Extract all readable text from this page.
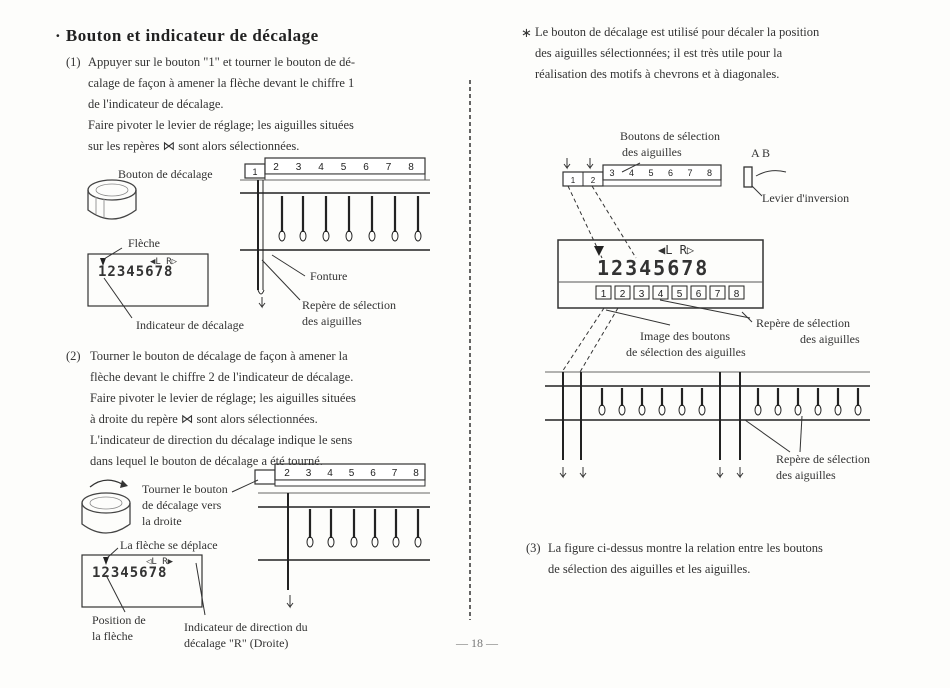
· Bouton et indicateur de décalage
(1) Appuyer sur le bouton "1" et tourner le bouton de dé-
calage de façon à amener la flèche devant le chiffre 1
de l'indicateur de décalage.
Faire pivoter le levier de réglage; les aiguilles situées
sur les repères ⋈ sont alors sélectionnées.
1 2 3 4 5 6 7 8
2 3 4 5 6 7 8
1 2
3 4 5 6 7 8
1 2 3 4 5 6 7 8
Bouton de décalage
Flèche
◀L R▷
12345678	Fonture
Repère de sélection
des aiguilles
Indicateur de décalage
(2) Tourner le bouton de décalage de façon à amener la
flèche devant le chiffre 2 de l'indicateur de décalage.
Faire pivoter le levier de réglage; les aiguilles situées
à droite du repère ⋈ sont alors sélectionnées.
L'indicateur de direction du décalage indique le sens
dans lequel le bouton de décalage a été tourné.
Tourner le bouton
de décalage vers
la droite
La flèche se déplace
◁L R▶
12345678
Position de
la flèche
Indicateur de direction du
décalage "R" (Droite)	— 18 —
∗ Le bouton de décalage est utilisé pour décaler la position
des aiguilles sélectionnées; il est très utile pour la
réalisation des motifs à chevrons et à diagonales.
Boutons de sélection
des aiguilles	A B
Levier d'inversion
◀L R▷
12345678
Image des boutons
de sélection des aiguilles
Repère de sélection
des aiguilles
Repère de sélection
des aiguilles
(3) La figure ci-dessus montre la relation entre les boutons
de sélection des aiguilles et les aiguilles.
